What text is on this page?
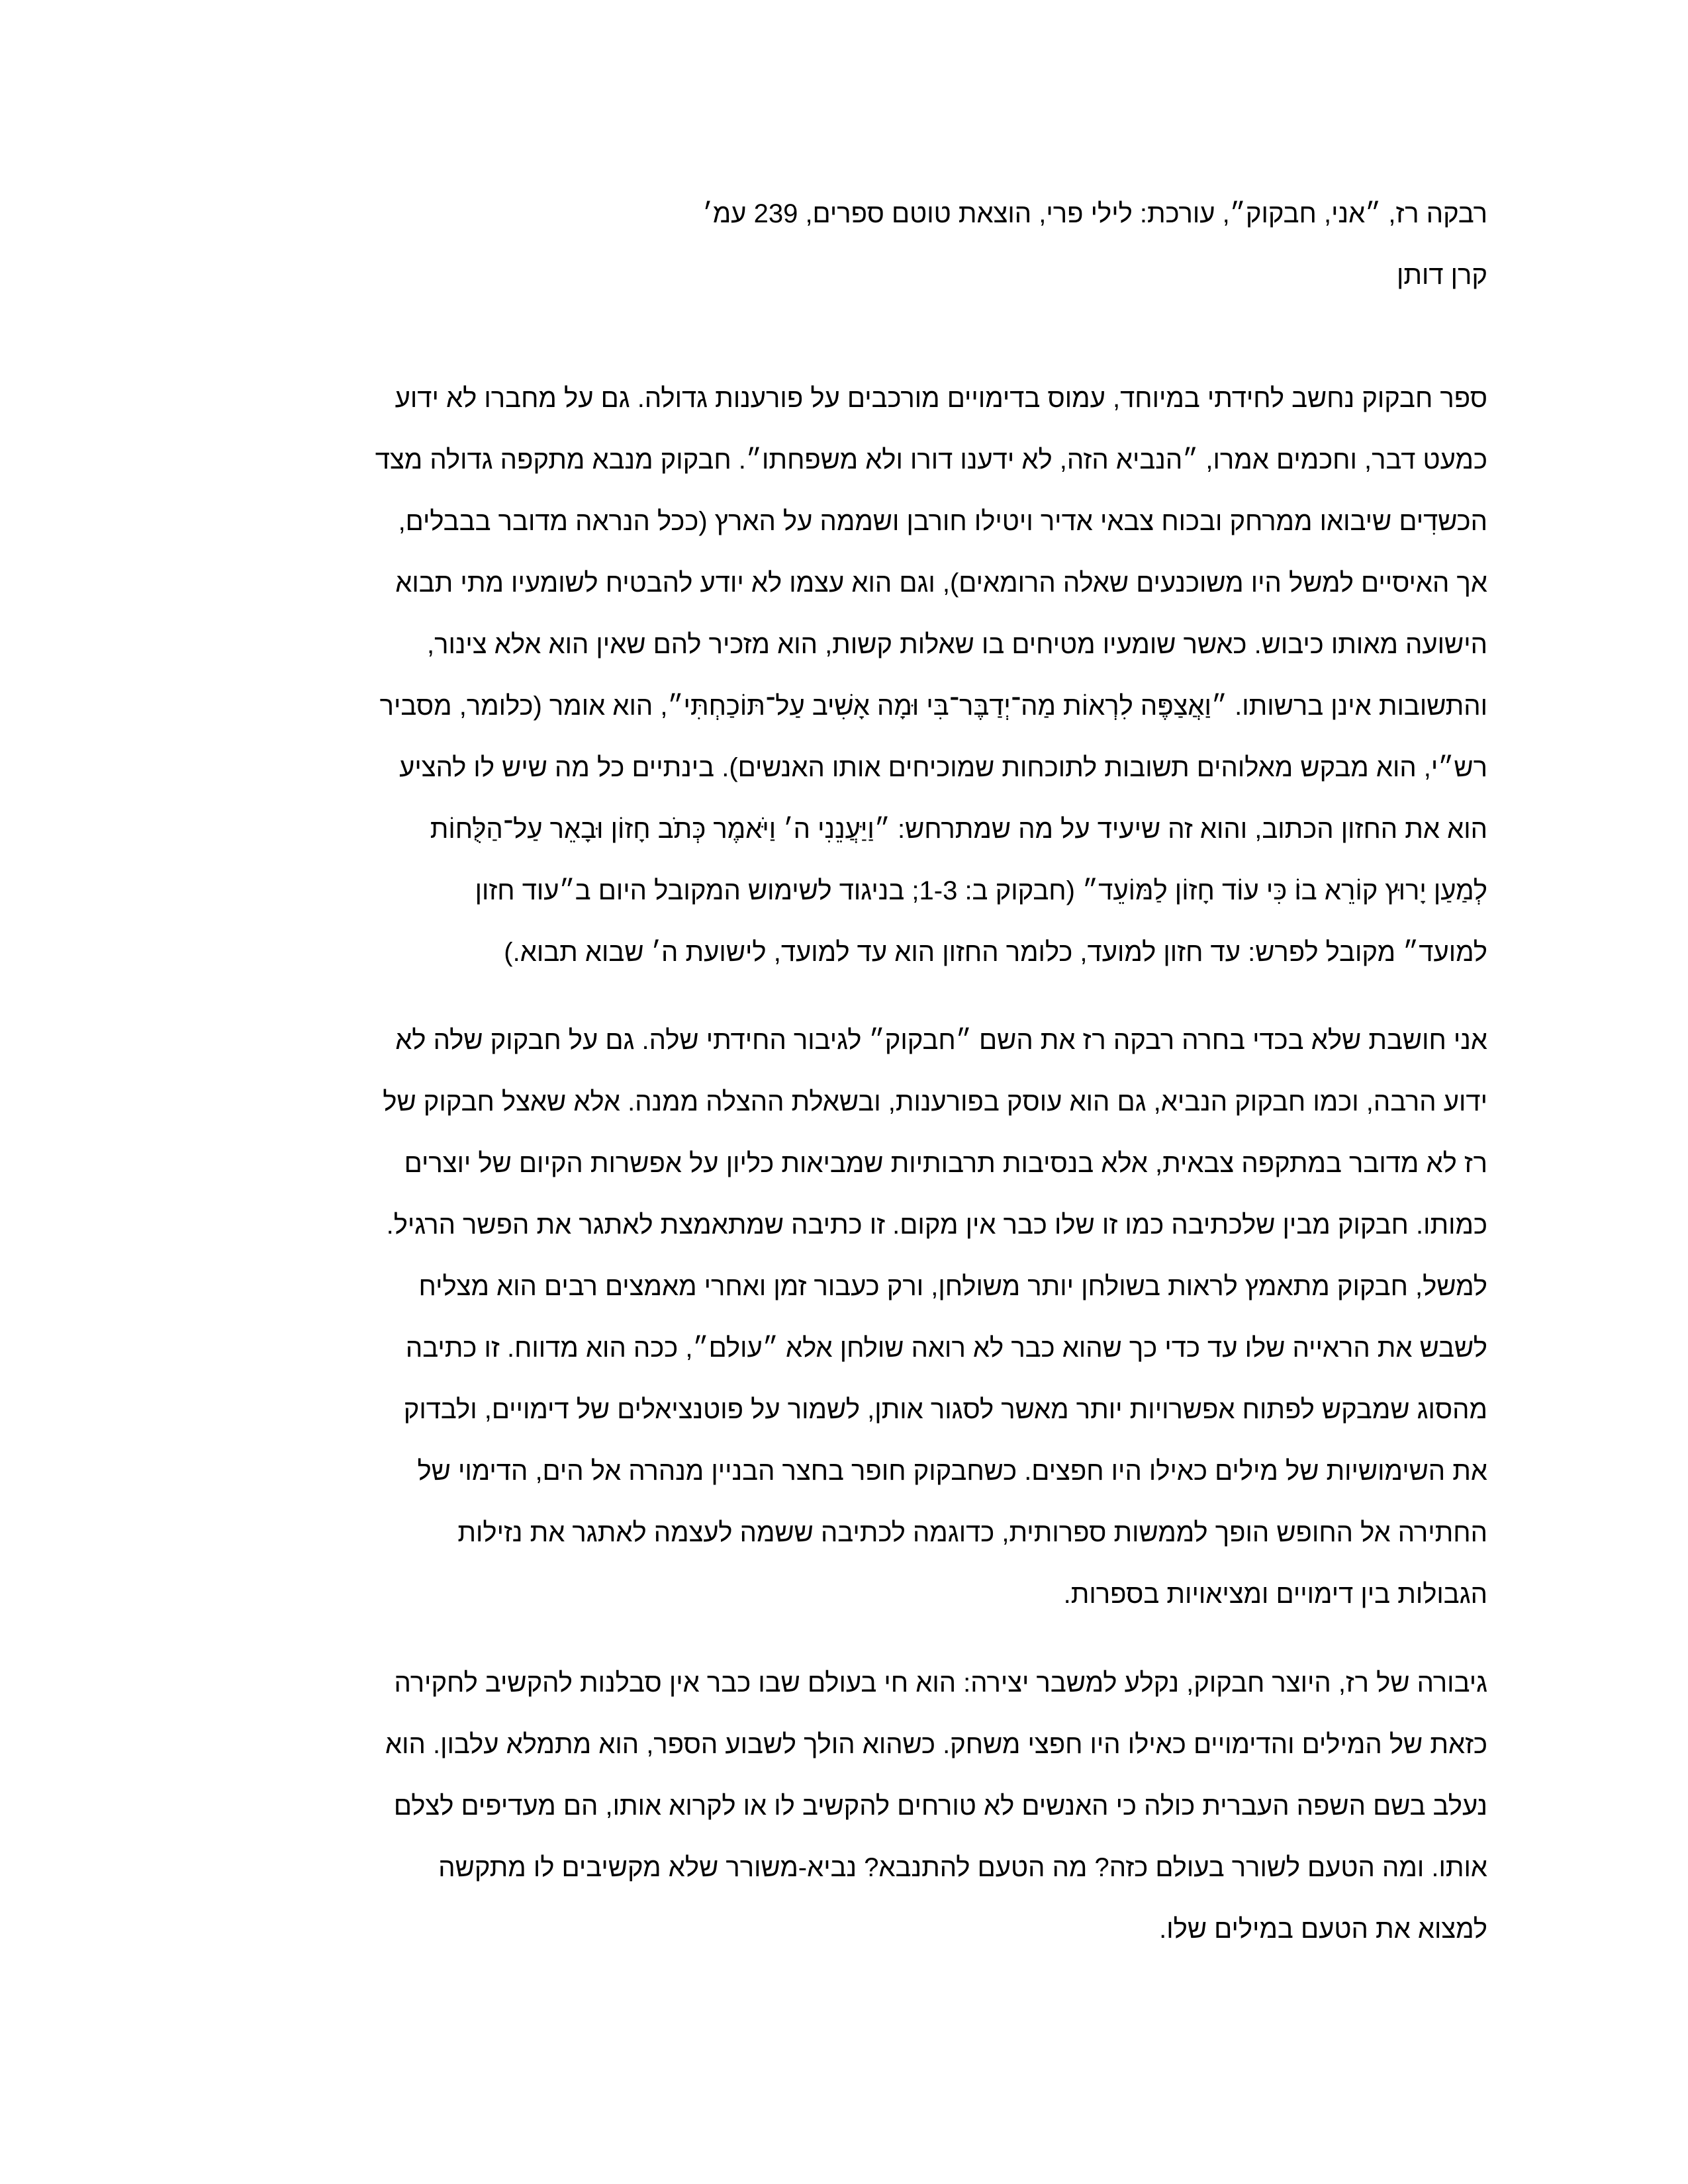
רבקה רז, ״אני, חבקוק״, עורכת: לילי פרי, הוצאת טוטם ספרים, 239 עמ׳
קרן דותן
ספר חבקוק נחשב לחידתי במיוחד, עמוס בדימויים מורכבים על פורענות גדולה. גם על מחברו לא ידוע
כמעט דבר, וחכמים אמרו, ״הנביא הזה, לא ידענו דורו ולא משפחתו״. חבקוק מנבא מתקפה גדולה מצד
הכשדִים שיבואו ממרחק ובכוח צבאי אדיר ויטילו חורבן ושממה על הארץ (ככל הנראה מדובר בבבלים,
אך האיסיים למשל היו משוכנעים שאלה הרומאים), וגם הוא עצמו לא יודע להבטיח לשומעיו מתי תבוא
הישועה מאותו כיבוש. כאשר שומעיו מטיחים בו שאלות קשות, הוא מזכיר להם שאין הוא אלא צינור,
והתשובות אינן ברשותו. ״וַאֲצַפֶּה לִרְאוֹת מַה־יְדַבֶּר־בִּי וּמָה אָשִׁיב עַל־תּוֹכַחְתִּי״, הוא אומר (כלומר, מסביר
רש״י, הוא מבקש מאלוהים תשובות לתוכחות שמוכיחים אותו האנשים). בינתיים כל מה שיש לו להציע
הוא את החזון הכתוב, והוא זה שיעיד על מה שמתרחש: ״וַיַּעֲנֵנִי ה׳ וַיֹּאמֶר כְּתֹב חָזוֹן וּבָאֵר עַל־הַלֻּחוֹת
לְמַעַן יָרוּץ קוֹרֵא בוֹ׃ כִּי עוֹד חָזוֹן לַמּוֹעֵד״ (חבקוק ב: 1-3; בניגוד לשימוש המקובל היום ב״עוד חזון
למועד״ מקובל לפרש: עד חזון למועד, כלומר החזון הוא עד למועד, לישועת ה׳ שבוא תבוא.)
אני חושבת שלא בכדי בחרה רבקה רז את השם ״חבקוק״ לגיבור החידתי שלה. גם על חבקוק שלה לא
ידוע הרבה, וכמו חבקוק הנביא, גם הוא עוסק בפורענות, ובשאלת ההצלה ממנה. אלא שאצל חבקוק של
רז לא מדובר במתקפה צבאית, אלא בנסיבות תרבותיות שמביאות כליון על אפשרות הקיום של יוצרים
כמותו. חבקוק מבין שלכתיבה כמו זו שלו כבר אין מקום. זו כתיבה שמתאמצת לאתגר את הפשר הרגיל.
למשל, חבקוק מתאמץ לראות בשולחן יותר משולחן, ורק כעבור זמן ואחרי מאמצים רבים הוא מצליח
לשבש את הראייה שלו עד כדי כך שהוא כבר לא רואה שולחן אלא ״עולם״, ככה הוא מדווח. זו כתיבה
מהסוג שמבקש לפתוח אפשרויות יותר מאשר לסגור אותן, לשמור על פוטנציאלים של דימויים, ולבדוק
את השימושיות של מילים כאילו היו חפצים. כשחבקוק חופר בחצר הבניין מנהרה אל הים, הדימוי של
החתירה אל החופש הופך לממשות ספרותית, כדוגמה לכתיבה ששמה לעצמה לאתגר את נזילות
הגבולות בין דימויים ומציאויות בספרות.
גיבורה של רז, היוצר חבקוק, נקלע למשבר יצירה: הוא חי בעולם שבו כבר אין סבלנות להקשיב לחקירה
כזאת של המילים והדימויים כאילו היו חפצי משחק. כשהוא הולך לשבוע הספר, הוא מתמלא עלבון. הוא
נעלב בשם השפה העברית כולה כי האנשים לא טורחים להקשיב לו או לקרוא אותו, הם מעדיפים לצלם
אותו. ומה הטעם לשורר בעולם כזה? מה הטעם להתנבא? נביא-משורר שלא מקשיבים לו מתקשה
למצוא את הטעם במילים שלו.
